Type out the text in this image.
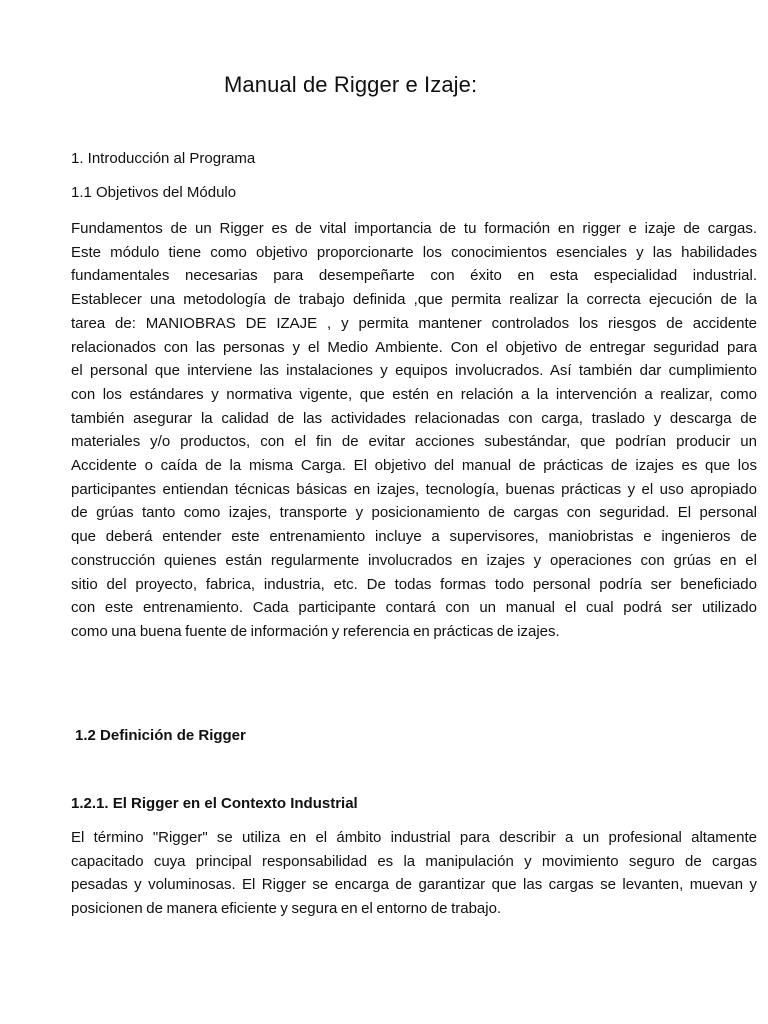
Manual de Rigger e Izaje:

1. Introducción al Programa

1.1 Objetivos del Módulo

Fundamentos de un Rigger es de vital importancia de tu formación en rigger e izaje de cargas.
Este módulo tiene como objetivo proporcionarte los conocimientos esenciales y las habilidades
fundamentales necesarias para desempeñarte con éxito en esta especialidad industrial.
Establecer una metodología de trabajo definida ,que permita realizar la correcta ejecución de la
tarea de: MANIOBRAS DE IZAJE , y permita mantener controlados los riesgos de accidente
relacionados con las personas y el Medio Ambiente. Con el objetivo de entregar seguridad para
el personal que interviene las instalaciones y equipos involucrados. Así también dar cumplimiento
con los estándares y normativa vigente, que estén en relación a la intervención a realizar, como
también asegurar la calidad de las actividades relacionadas con carga, traslado y descarga de
materiales y/o productos, con el fin de evitar acciones subestándar, que podrían producir un
Accidente o caída de la misma Carga. El objetivo del manual de prácticas de izajes es que los
participantes entiendan técnicas básicas en izajes, tecnología, buenas prácticas y el uso apropiado
de grúas tanto como izajes, transporte y posicionamiento de cargas con seguridad. El personal
que deberá entender este entrenamiento incluye a supervisores, maniobristas e ingenieros de
construcción quienes están regularmente involucrados en izajes y operaciones con grúas en el
sitio del proyecto, fabrica, industria, etc. De todas formas todo personal podría ser beneficiado
con este entrenamiento. Cada participante contará con un manual el cual podrá ser utilizado
como una buena fuente de información y referencia en prácticas de izajes.

1.2 Definición de Rigger

1.2.1. El Rigger en el Contexto Industrial

El término "Rigger" se utiliza en el ámbito industrial para describir a un profesional altamente
capacitado cuya principal responsabilidad es la manipulación y movimiento seguro de cargas
pesadas y voluminosas. El Rigger se encarga de garantizar que las cargas se levanten, muevan y
posicionen de manera eficiente y segura en el entorno de trabajo.
